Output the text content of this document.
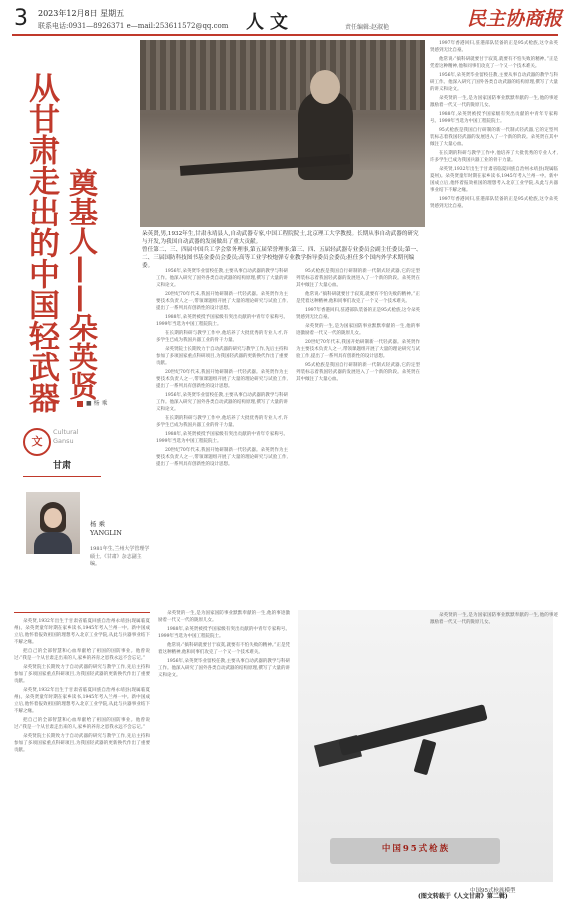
3 2023年12月8日 星期五
联系电话:0931—8926371 e—mail:253611572@qq.com 人文	责任编辑:赵淑艳	民主协商报
从甘肃走出的中国轻武器 奠基人——朵英贤	朵英贤,男,1932年生,甘肃永靖县人,自动武器专家,中国工程院院士,北京理工大学教授。长期从事自动武器的研究与开发,为我国自动武器的发展做出了重大贡献。
曾任第二、三、四届中国兵工学会常务理事,第五届荣誉理事;第三、四、五届轻武器专业委员会副主任委员;第一、二、三届国防科技图书基金委员会委员;高等工业学校炮弹专业教学指导委员会委员;担任多个国内外学术期刊编委。
■ 杨 乘
文
Cultural
Gansu
甘肃
杨 乘
YANGLIN
1981年生,兰州大学管理学硕士,《甘肃》杂志副主编。

朵英贤,1932年出生于甘肃省临夏回族自治州永靖县(现属临夏州)。朵英贤童年时期在家乡读书,1945年考入兰州一中。新中国成立后,他怀着报效祖国的理想考入北京工业学院,从此与兵器事业结下不解之缘。

把自己的全部智慧和心血奉献给了祖国的国防事业。他曾说过:“我是一个从甘肃走出来的人,家乡的养育之恩我永远不会忘记。”

朵英贤院士长期致力于自动武器的研究与教学工作,先后主持和参加了多项国家重点科研项目,为我国轻武器的更新换代作出了重要贡献。

朵英贤,1932年出生于甘肃省临夏回族自治州永靖县(现属临夏州)。朵英贤童年时期在家乡读书,1945年考入兰州一中。新中国成立后,他怀着报效祖国的理想考入北京工业学院,从此与兵器事业结下不解之缘。

把自己的全部智慧和心血奉献给了祖国的国防事业。他曾说过:“我是一个从甘肃走出来的人,家乡的养育之恩我永远不会忘记。”

朵英贤院士长期致力于自动武器的研究与教学工作,先后主持和参加了多项国家重点科研项目,为我国轻武器的更新换代作出了重要贡献。

1956年,朵英贤毕业留校任教,主要从事自动武器的教学与科研工作。他深入研究了国外各类自动武器的结构原理,撰写了大量的讲义和论文。

20世纪70年代末,我国开始研制新一代轻武器。朵英贤作为主要技术负责人之一,带领课题组开展了大量的理论研究与试验工作,提出了一系列具有创新性的设计思想。

1988年,朵英贤被授予国家级有突出贡献的中青年专家称号。1999年当选为中国工程院院士。

在长期的科研与教学工作中,他培养了大批优秀的专业人才,许多学生已成为我国兵器工业的骨干力量。

朵英贤院士长期致力于自动武器的研究与教学工作,先后主持和参加了多项国家重点科研项目,为我国轻武器的更新换代作出了重要贡献。

20世纪70年代末,我国开始研制新一代轻武器。朵英贤作为主要技术负责人之一,带领课题组开展了大量的理论研究与试验工作,提出了一系列具有创新性的设计思想。

1956年,朵英贤毕业留校任教,主要从事自动武器的教学与科研工作。他深入研究了国外各类自动武器的结构原理,撰写了大量的讲义和论文。

在长期的科研与教学工作中,他培养了大批优秀的专业人才,许多学生已成为我国兵器工业的骨干力量。

1988年,朵英贤被授予国家级有突出贡献的中青年专家称号。1999年当选为中国工程院院士。

20世纪70年代末,我国开始研制新一代轻武器。朵英贤作为主要技术负责人之一,带领课题组开展了大量的理论研究与试验工作,提出了一系列具有创新性的设计思想。

95式枪族是我国自行研制的新一代制式轻武器,它的定型列装标志着我国轻武器的发展进入了一个新的阶段。朵英贤在其中倾注了大量心血。

他常说:“搞科研就要甘于寂寞,就要有不怕失败的精神。”正是凭着这种精神,他和同事们攻克了一个又一个技术难关。

1997年香港回归,驻港部队装备的正是95式枪族,这令朵英贤感到无比自豪。

朵英贤的一生,是为国家国防事业默默奉献的一生,他的事迹激励着一代又一代的陇原儿女。

20世纪70年代末,我国开始研制新一代轻武器。朵英贤作为主要技术负责人之一,带领课题组开展了大量的理论研究与试验工作,提出了一系列具有创新性的设计思想。

95式枪族是我国自行研制的新一代制式轻武器,它的定型列装标志着我国轻武器的发展进入了一个新的阶段。朵英贤在其中倾注了大量心血。

1997年香港回归,驻港部队装备的正是95式枪族,这令朵英贤感到无比自豪。

他常说:“搞科研就要甘于寂寞,就要有不怕失败的精神。”正是凭着这种精神,他和同事们攻克了一个又一个技术难关。

1956年,朵英贤毕业留校任教,主要从事自动武器的教学与科研工作。他深入研究了国外各类自动武器的结构原理,撰写了大量的讲义和论文。

朵英贤的一生,是为国家国防事业默默奉献的一生,他的事迹激励着一代又一代的陇原儿女。

1988年,朵英贤被授予国家级有突出贡献的中青年专家称号。1999年当选为中国工程院院士。

95式枪族是我国自行研制的新一代制式轻武器,它的定型列装标志着我国轻武器的发展进入了一个新的阶段。朵英贤在其中倾注了大量心血。

在长期的科研与教学工作中,他培养了大批优秀的专业人才,许多学生已成为我国兵器工业的骨干力量。

朵英贤,1932年出生于甘肃省临夏回族自治州永靖县(现属临夏州)。朵英贤童年时期在家乡读书,1945年考入兰州一中。新中国成立后,他怀着报效祖国的理想考入北京工业学院,从此与兵器事业结下不解之缘。

1997年香港回归,驻港部队装备的正是95式枪族,这令朵英贤感到无比自豪。

朵英贤的一生,是为国家国防事业默默奉献的一生,他的事迹激励着一代又一代的陇原儿女。

1988年,朵英贤被授予国家级有突出贡献的中青年专家称号。1999年当选为中国工程院院士。

他常说:“搞科研就要甘于寂寞,就要有不怕失败的精神。”正是凭着这种精神,他和同事们攻克了一个又一个技术难关。

1956年,朵英贤毕业留校任教,主要从事自动武器的教学与科研工作。他深入研究了国外各类自动武器的结构原理,撰写了大量的讲义和论文。

中国95式枪族

朵英贤的一生,是为国家国防事业默默奉献的一生,他的事迹激励着一代又一代的陇原儿女。

中国95式枪族模型
(图文转载于《人文甘肃》第二辑)
